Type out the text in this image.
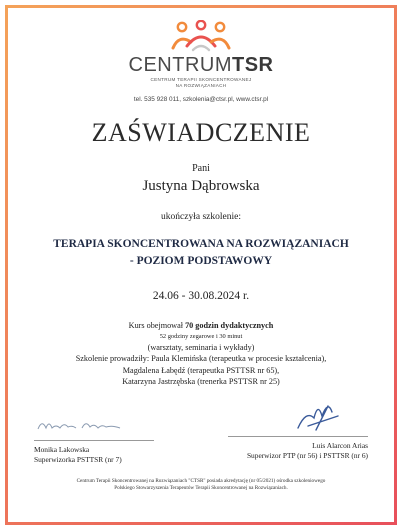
CENTRUMTSR
CENTRUM TERAPII SKONCENTROWANEJ
NA ROZWIĄZANIACH
tel. 535 928 011, szkolenia@ctsr.pl, www.ctsr.pl
ZAŚWIADCZENIE
Pani
Justyna Dąbrowska
ukończyła szkolenie:
TERAPIA SKONCENTROWANA NA ROZWIĄZANIACH
- POZIOM PODSTAWOWY
24.06 - 30.08.2024 r.
Kurs obejmował 70 godzin dydaktycznych
52 godziny zegarowe i 30 minut
(warsztaty, seminaria i wykłady)
Szkolenie prowadziły: Paula Klemińska (terapeutka w procesie kształcenia),
Magdalena Łabędź (terapeutka PSTTSR nr 65),
Katarzyna Jastrzębska (trenerka PSTTSR nr 25)
Monika Lakowska
Superwizorka PSTTSR (nr 7)
Luis Alarcon Arias
Superwizor PTP (nr 56) i PSTTSR (nr 6)
Centrum Terapii Skoncentrowanej na Rozwiązaniach "CTSR" posiada akredytację (nr 05/2021) ośrodka szkoleniowego
Polskiego Stowarzyszenia Terapeutów Terapii Skoncentrowanej na Rozwiązaniach.
